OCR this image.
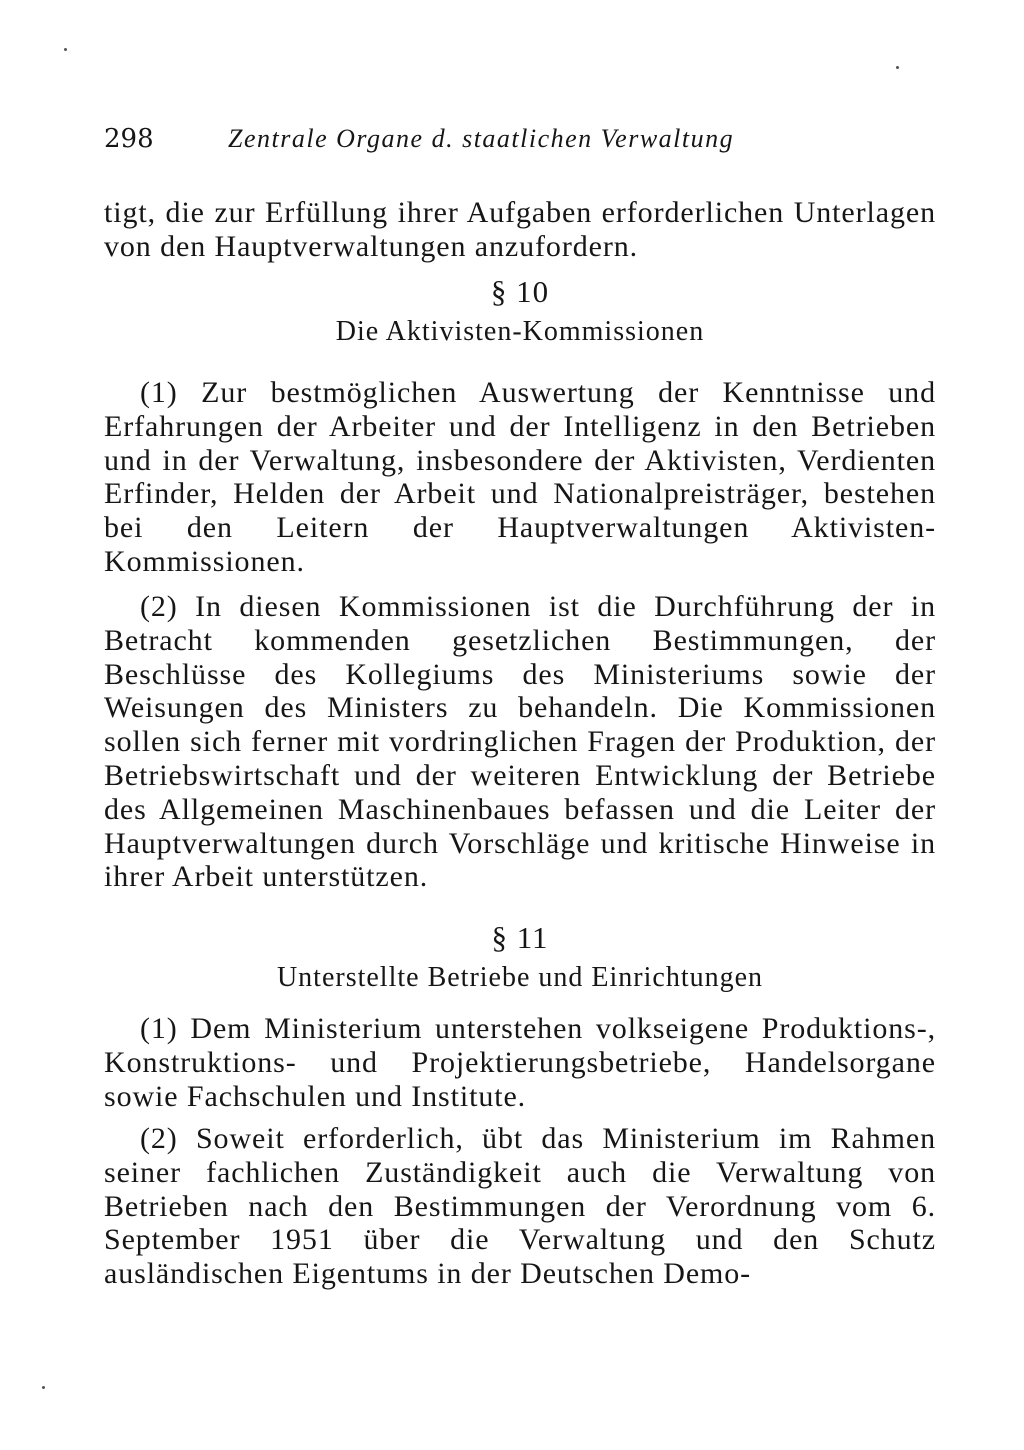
298	Zentrale Organe d. staatlichen Verwaltung

tigt, die zur Erfüllung ihrer Aufgaben erforderlichen Unterlagen von den Hauptverwaltungen anzufordern.

§ 10
Die Aktivisten-Kommissionen

(1) Zur bestmöglichen Auswertung der Kenntnisse und Erfahrungen der Arbeiter und der Intelligenz in den Betrieben und in der Verwaltung, insbesondere der Aktivisten, Verdienten Erfinder, Helden der Arbeit und Nationalpreisträger, bestehen bei den Leitern der Hauptverwaltungen Aktivisten-Kommissionen.

(2) In diesen Kommissionen ist die Durchführung der in Betracht kommenden gesetzlichen Bestimmungen, der Beschlüsse des Kollegiums des Ministeriums sowie der Weisungen des Ministers zu behandeln. Die Kommissionen sollen sich ferner mit vordringlichen Fragen der Produktion, der Betriebswirtschaft und der weiteren Entwicklung der Betriebe des Allgemeinen Maschinenbaues befassen und die Leiter der Hauptverwaltungen durch Vorschläge und kritische Hinweise in ihrer Arbeit unterstützen.

§ 11
Unterstellte Betriebe und Einrichtungen

(1) Dem Ministerium unterstehen volkseigene Produktions-, Konstruktions- und Projektierungsbetriebe, Handelsorgane sowie Fachschulen und Institute.

(2) Soweit erforderlich, übt das Ministerium im Rahmen seiner fachlichen Zuständigkeit auch die Verwaltung von Betrieben nach den Bestimmungen der Verordnung vom 6. September 1951 über die Verwaltung und den Schutz ausländischen Eigentums in der Deutschen Demo-
